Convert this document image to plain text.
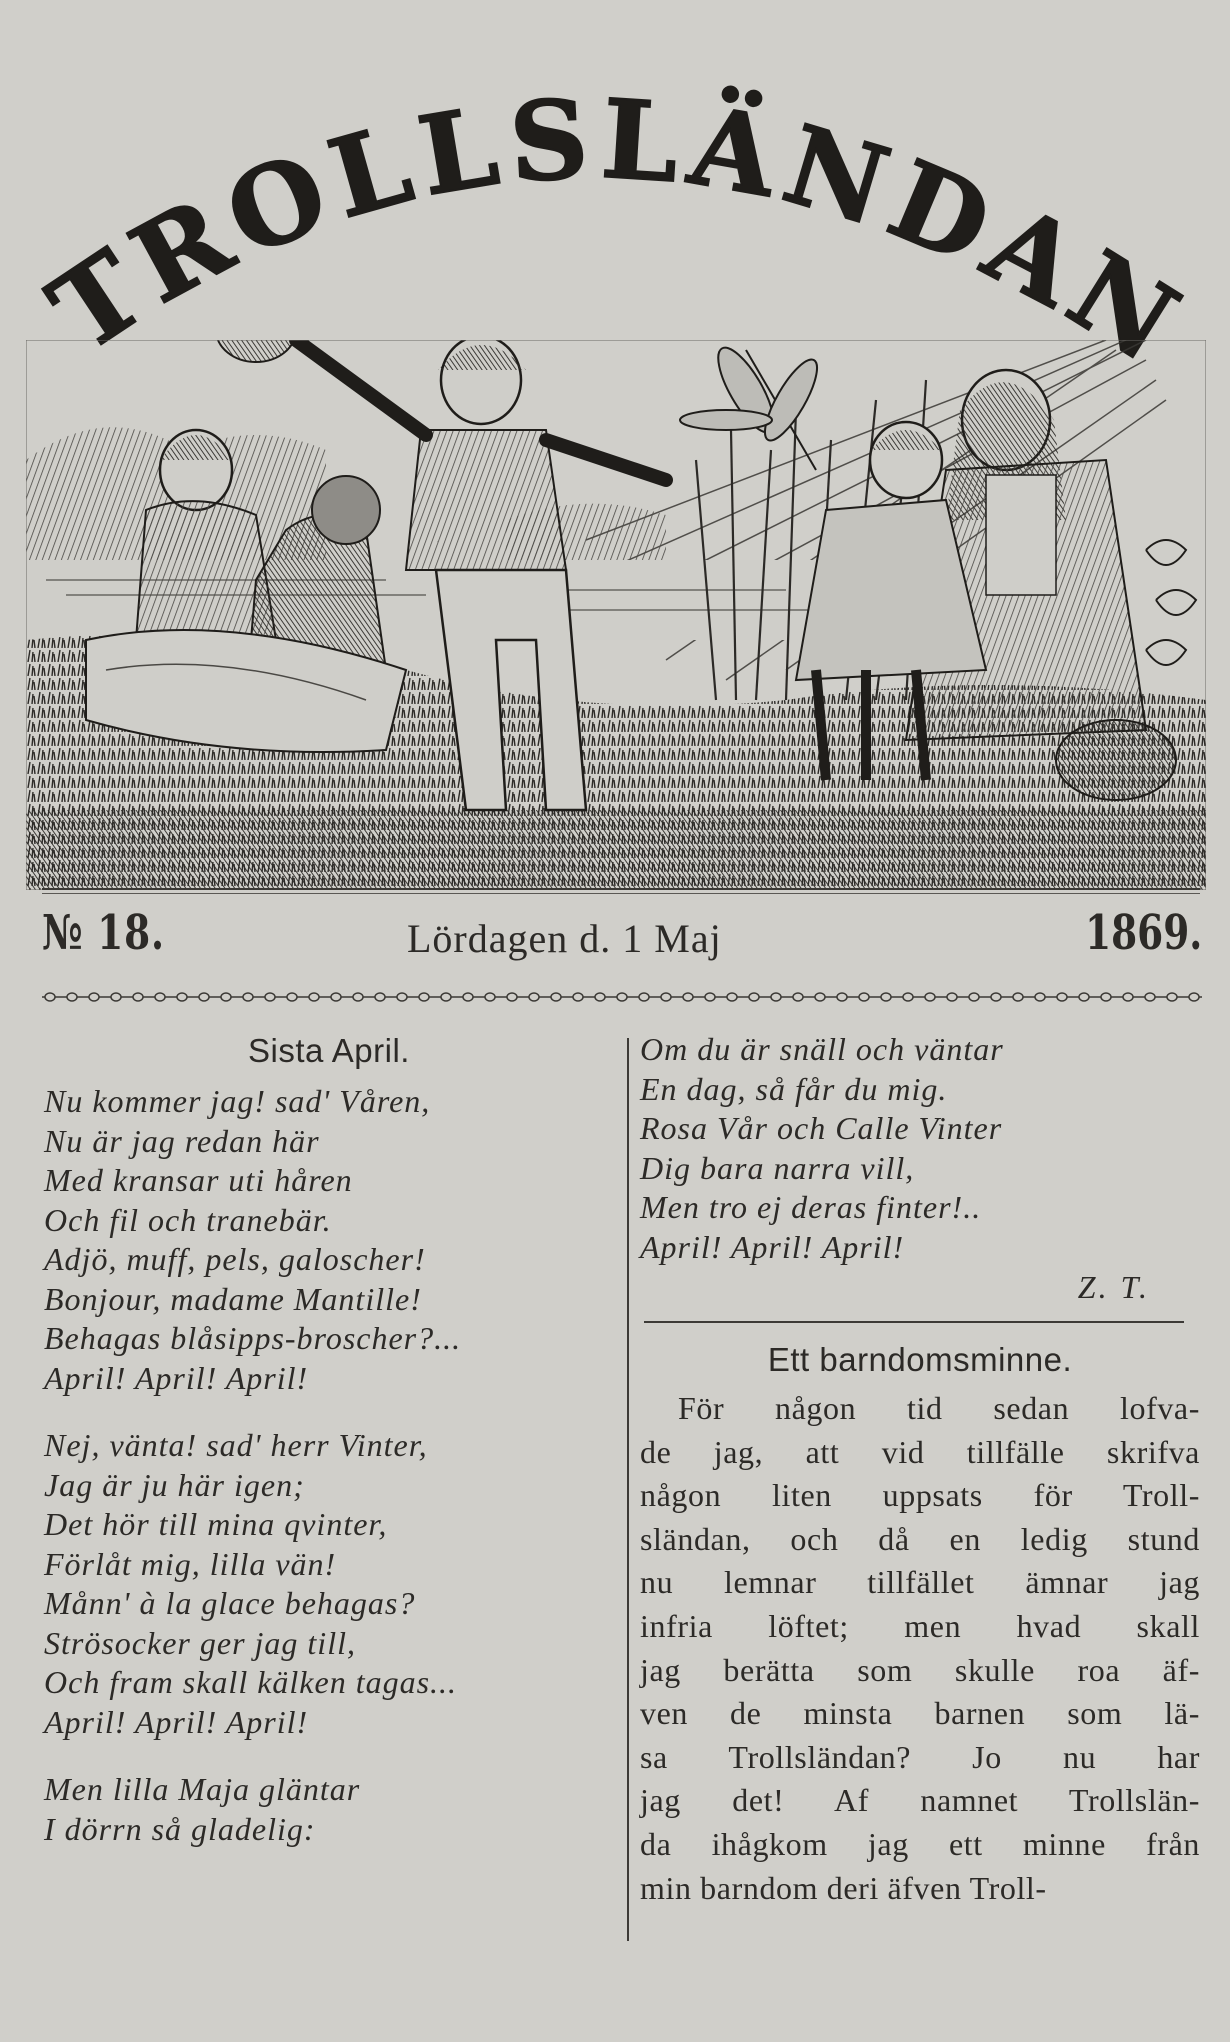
TROLLSLÄNDAN
№ 18.	Lördagen d. 1 Maj	1869.
Sista April.
Nu kommer jag! sad' Våren,
Nu är jag redan här
Med kransar uti håren
Och fil och tranebär.
Adjö, muff, pels, galoscher!
Bonjour, madame Mantille!
Behagas blåsipps-broscher?...
April! April! April!
Nej, vänta! sad' herr Vinter,
Jag är ju här igen;
Det hör till mina qvinter,
Förlåt mig, lilla vän!
Månn' à la glace behagas?
Strösocker ger jag till,
Och fram skall kälken tagas...
April! April! April!
Men lilla Maja gläntar
I dörrn så gladelig:
Om du är snäll och väntar
En dag, så får du mig.
Rosa Vår och Calle Vinter
Dig bara narra vill,
Men tro ej deras finter!..
April! April! April!
Z. T.
Ett barndomsminne.
För någon tid sedan lofva-
de jag, att vid tillfälle skrifva
någon liten uppsats för Troll-
sländan, och då en ledig stund
nu lemnar tillfället ämnar jag
infria löftet; men hvad skall
jag berätta som skulle roa äf-
ven de minsta barnen som lä-
sa Trollsländan? Jo nu har
jag det! Af namnet Trollslän-
da ihågkom jag ett minne från
min barndom deri äfven Troll-
